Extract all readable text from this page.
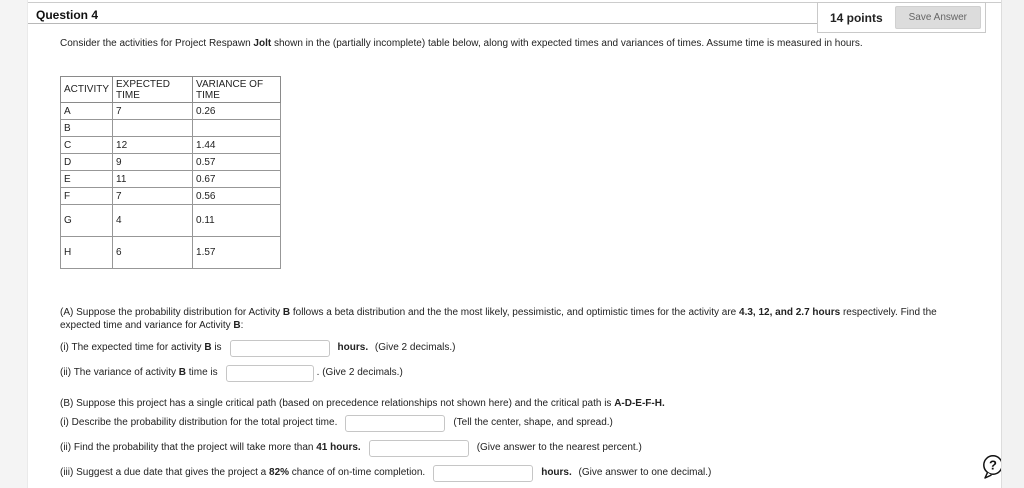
Question 4	14 points	Save Answer

Consider the activities for Project Respawn Jolt shown in the (partially incomplete) table below, along with expected times and variances of times. Assume time is measured in hours.

ACTIVITY	EXPECTED TIME	VARIANCE OF TIME
A	7	0.26
B		
C	12	1.44
D	9	0.57
E	11	0.67
F	7	0.56
G	4	0.11
H	6	1.57

(A) Suppose the probability distribution for Activity B follows a beta distribution and the the most likely, pessimistic, and optimistic times for the activity are 4.3, 12, and 2.7 hours respectively. Find the expected time and variance for Activity B:

(i) The expected time for activity B is	hours. (Give 2 decimals.)
(ii) The variance of activity B time is	. (Give 2 decimals.)

(B) Suppose this project has a single critical path (based on precedence relationships not shown here) and the critical path is A-D-E-F-H.

(i) Describe the probability distribution for the total project time.	(Tell the center, shape, and spread.)
(ii) Find the probability that the project will take more than 41 hours.	(Give answer to the nearest percent.)
(iii) Suggest a due date that gives the project a 82% chance of on-time completion.	hours. (Give answer to one decimal.)	?
